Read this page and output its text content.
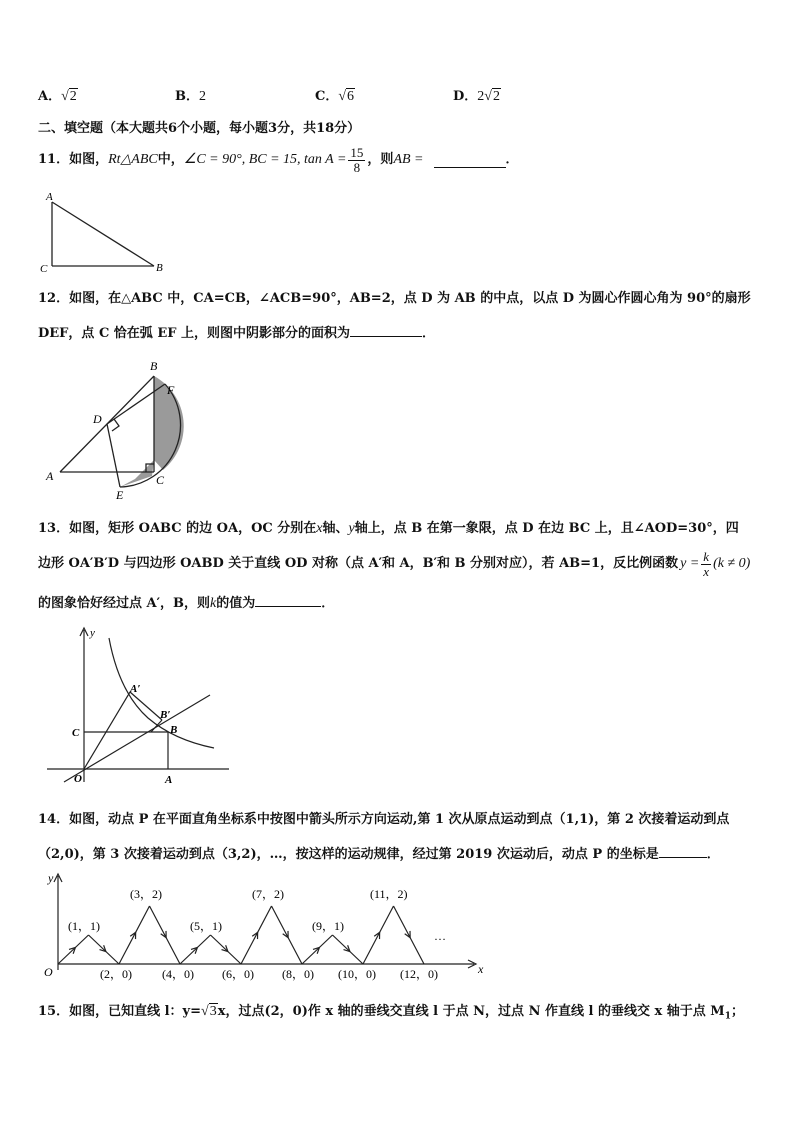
A．√2	B．2	C．√6	D．2√2
二、填空题（本大题共6个小题，每小题3分，共18分）
11．如图， Rt△ABC 中， ∠C = 90°, BC = 15, $\tan A = \frac{15}{8}$ ，则 AB =	．
A
B
C
12．如图，在△ABC 中，CA=CB，∠ACB=90°，AB=2，点 D 为 AB 的中点，以点 D 为圆心作圆心角为 90°的扇形
DEF，点 C 恰在弧 EF 上，则图中阴影部分的面积为	．
B
F
D
A	C
E
13．如图，矩形 OABC 的边 OA，OC 分别在x轴、y轴上，点 B 在第一象限，点 D 在边 BC 上，且∠AOD=30°，四
边形 OA′B′D 与四边形 OABD 关于直线 OD 对称（点 A′和 A，B′和 B 分别对应），若 AB=1，反比例函数 $y = \frac{k}{x} (k \ne 0)$
的图象恰好经过点 A′，B，则k的值为	．
y
A′
B′
B
C
O	A
14．如图，动点 P 在平面直角坐标系中按图中箭头所示方向运动,第 1 次从原点运动到点（1,1)，第 2 次接着运动到点
（2,0)，第 3 次接着运动到点（3,2)，…，按这样的运动规律，经过第 2019 次运动后，动点 P 的坐标是	．
y
x
O
…
(1，1)
(3，2)
(5，1)
(7，2)
(9，1)
(11，2)
(2，0)	(4，0) (6，0) (8，0) (10，0) (12，0)
15．如图，已知直线 l：y=√3x，过点(2，0)作 x 轴的垂线交直线 l 于点 N，过点 N 作直线 l 的垂线交 x 轴于点 $M_1$；
